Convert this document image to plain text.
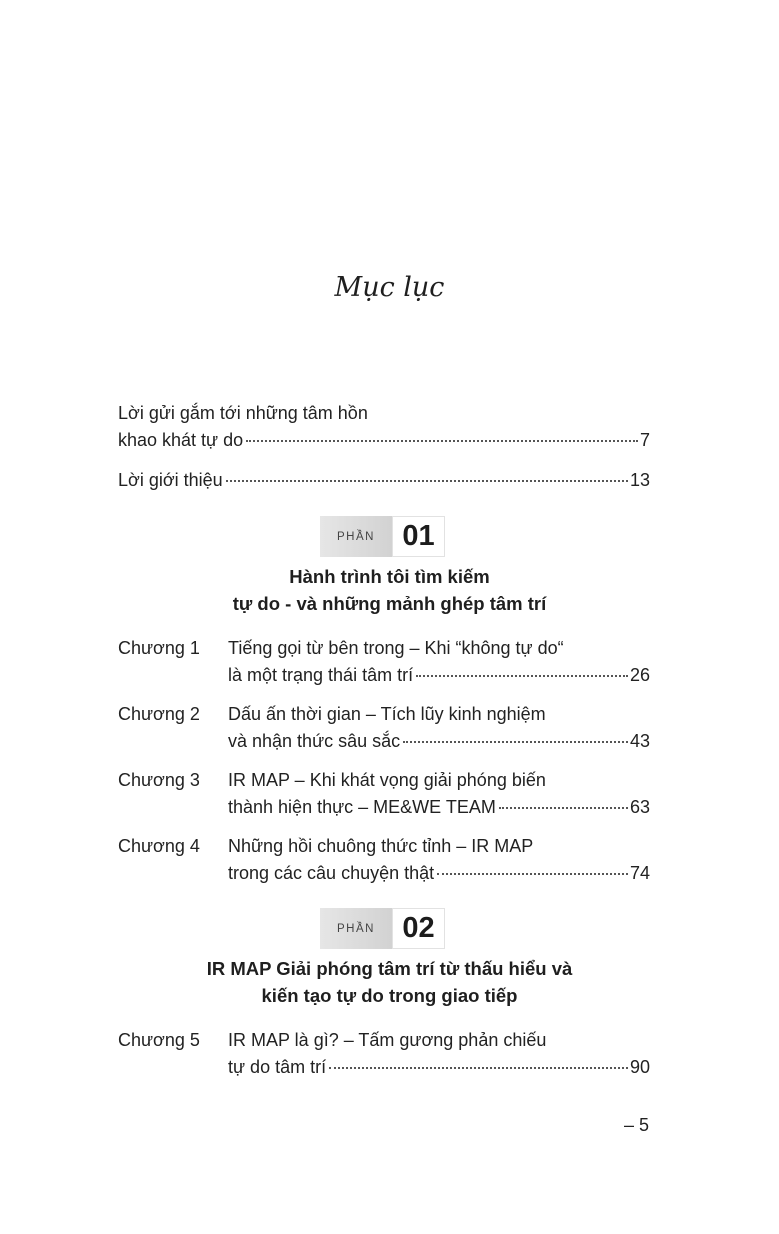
Mục lục
Lời gửi gắm tới những tâm hồn
khao khát tự do	7
Lời giới thiệu	13
PHẦN 01
Hành trình tôi tìm kiếm
tự do - và những mảnh ghép tâm trí
Chương 1 Tiếng gọi từ bên trong – Khi “không tự do“
là một trạng thái tâm trí	26
Chương 2 Dấu ấn thời gian – Tích lũy kinh nghiệm
và nhận thức sâu sắc	43
Chương 3 IR MAP – Khi khát vọng giải phóng biến
thành hiện thực – ME&WE TEAM	63
Chương 4 Những hồi chuông thức tỉnh – IR MAP
trong các câu chuyện thật	74
PHẦN 02
IR MAP Giải phóng tâm trí từ thấu hiểu và
kiến tạo tự do trong giao tiếp
Chương 5 IR MAP là gì? – Tấm gương phản chiếu
tự do tâm trí	90
– 5
